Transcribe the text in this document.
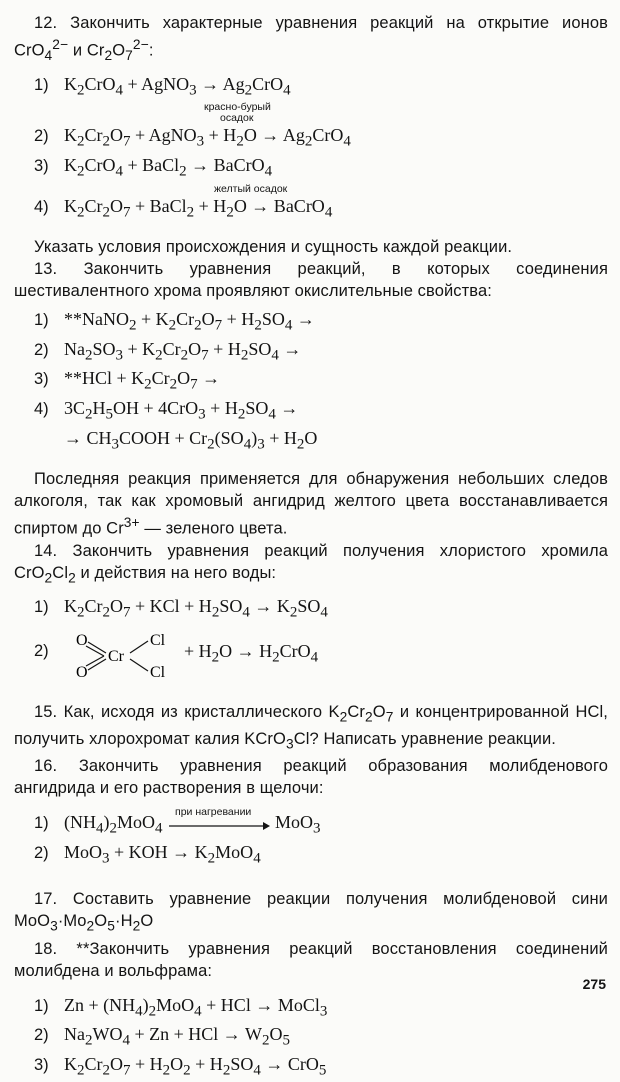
12. Закончить характерные уравнения реакций на открытие ионов CrO$_4^{2-}$ и $Cr_2O_7^{2-}$:

1) $K_2CrO_4$ + AgNO$_3$ → $Ag_2CrO_4$
красно-бурый
осадок
2) $K_2Cr_2O_7$ + AgNO$_3$ + $H_2O \to Ag_2CrO_4$
3) $K_2CrO_4$ + BaCl$_2$ → BaCrO$_4$
желтый осадок
4) $K_2Cr_2O_7$ + BaCl$_2$ + $H_2O$ → BaCrO$_4$

Указать условия происхождения и сущность каждой реакции.

13. Закончить уравнения реакций, в которых соединения шестивалентного хрома проявляют окислительные свойства:

1) **NaNO$_2$ + $K_2Cr_2O_7 + H_2SO_4$ →
2) $Na_2SO_3 + K_2Cr_2O_7 + H_2SO_4$ →
3) $**HCl + K_2Cr_2O_7$ →
4) $3C_2H_5OH + 4CrO_3 + H_2SO_4$ →
→ $CH_3COOH + Cr_2(SO_4)_3 + H_2O$

Последняя реакция применяется для обнаружения небольших следов алкоголя, так как хромовый ангидрид желтого цвета восстанавливается спиртом до $Cr^{3+}$ — зеленого цвета.

14. Закончить уравнения реакций получения хлористого хромила $CrO_2Cl_2$ и действия на него воды:

1) $K_2Cr_2O_7$ + KCl + $H_2SO_4 \to K_2SO_4$
2)
O
O
Cr
Cl
Cl
+ $H_2O \to H_2CrO_4$

15. Как, исходя из кристаллического $K_2Cr_2O_7$ и концентрированной HCl, получить хлорохромат калия KCrO$_3$Cl? Написать уравнение реакции.

16. Закончить уравнения реакций образования молибденового ангидрида и его растворения в щелочи:

1) $(NH_4)_2MoO_4$
при нагревании MoO$_3$
2) MoO$_3$ + KOH → $K_2MoO_4$

17. Составить уравнение реакции получения молибденовой сини $MoO_3\cdot Mo_2O_5\cdot H_2O$

18. **Закончить уравнения реакций восстановления соединений молибдена и вольфрама:

1) $Zn + (NH_4)_2MoO_4$ + HCl → MoCl$_3$
2) $Na_2WO_4 + Zn$ + HCl → $W_2O_5$
3) $K_2Cr_2O_7 + H_2O_2 + H_2SO_4 \to CrO_5$
275
